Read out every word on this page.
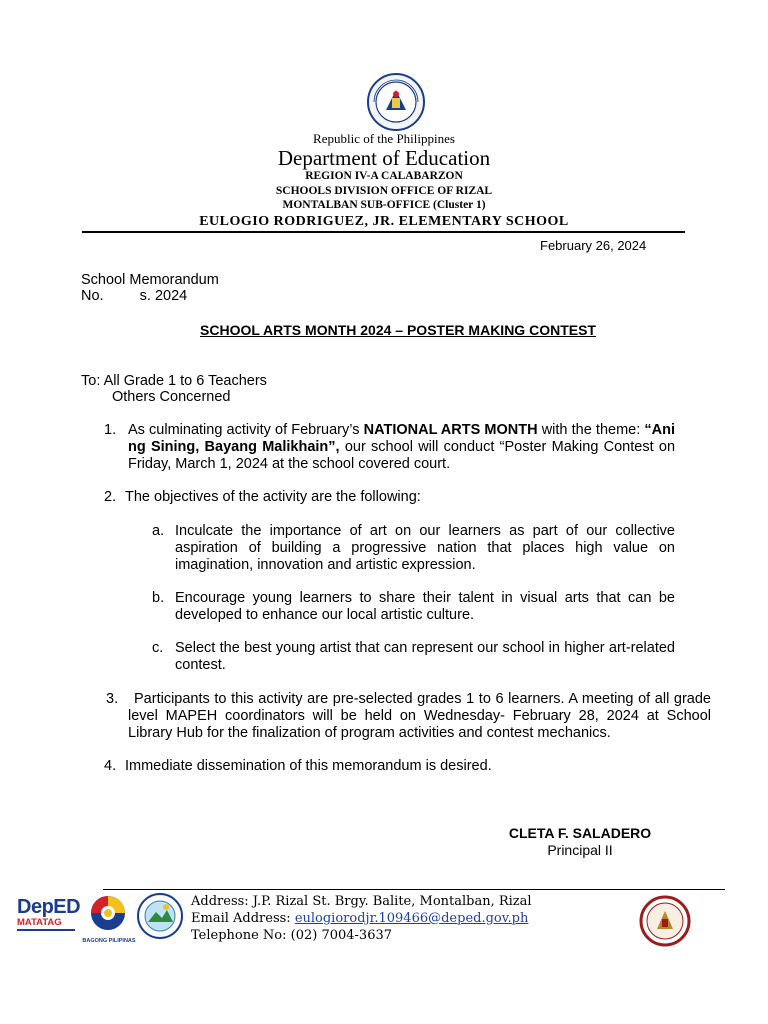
Republic of the Philippines
Department of Education
REGION IV-A CALABARZON
SCHOOLS DIVISION OFFICE OF RIZAL
MONTALBAN SUB-OFFICE (Cluster 1)
EULOGIO RODRIGUEZ, JR. ELEMENTARY SCHOOL
February 26, 2024
School Memorandum
No. s. 2024
SCHOOL ARTS MONTH 2024 – POSTER MAKING CONTEST
To: All Grade 1 to 6 Teachers
Others Concerned
1. As culminating activity of February’s NATIONAL ARTS MONTH with the theme: “Ani ng Sining, Bayang Malikhain”, our school will conduct “Poster Making Contest on Friday, March 1, 2024 at the school covered court.

2. The objectives of the activity are the following:
a. Inculcate the importance of art on our learners as part of our collective aspiration of building a progressive nation that places high value on imagination, innovation and artistic expression.

b. Encourage young learners to share their talent in visual arts that can be developed to enhance our local artistic culture.

c. Select the best young artist that can represent our school in higher art-related contest.

3.	Participants to this activity are pre-selected grades 1 to 6 learners. A meeting of all grade level MAPEH coordinators will be held on Wednesday- February 28, 2024 at School Library Hub for the finalization of program activities and contest mechanics.

4. Immediate dissemination of this memorandum is desired.
CLETA F. SALADERO
Principal II
DepED
MATATAG
BAGONG PILIPINAS
Address: J.P. Rizal St. Brgy. Balite, Montalban, Rizal
Email Address: eulogiorodjr.109466@deped.gov.ph
Telephone No: (02) 7004-3637
